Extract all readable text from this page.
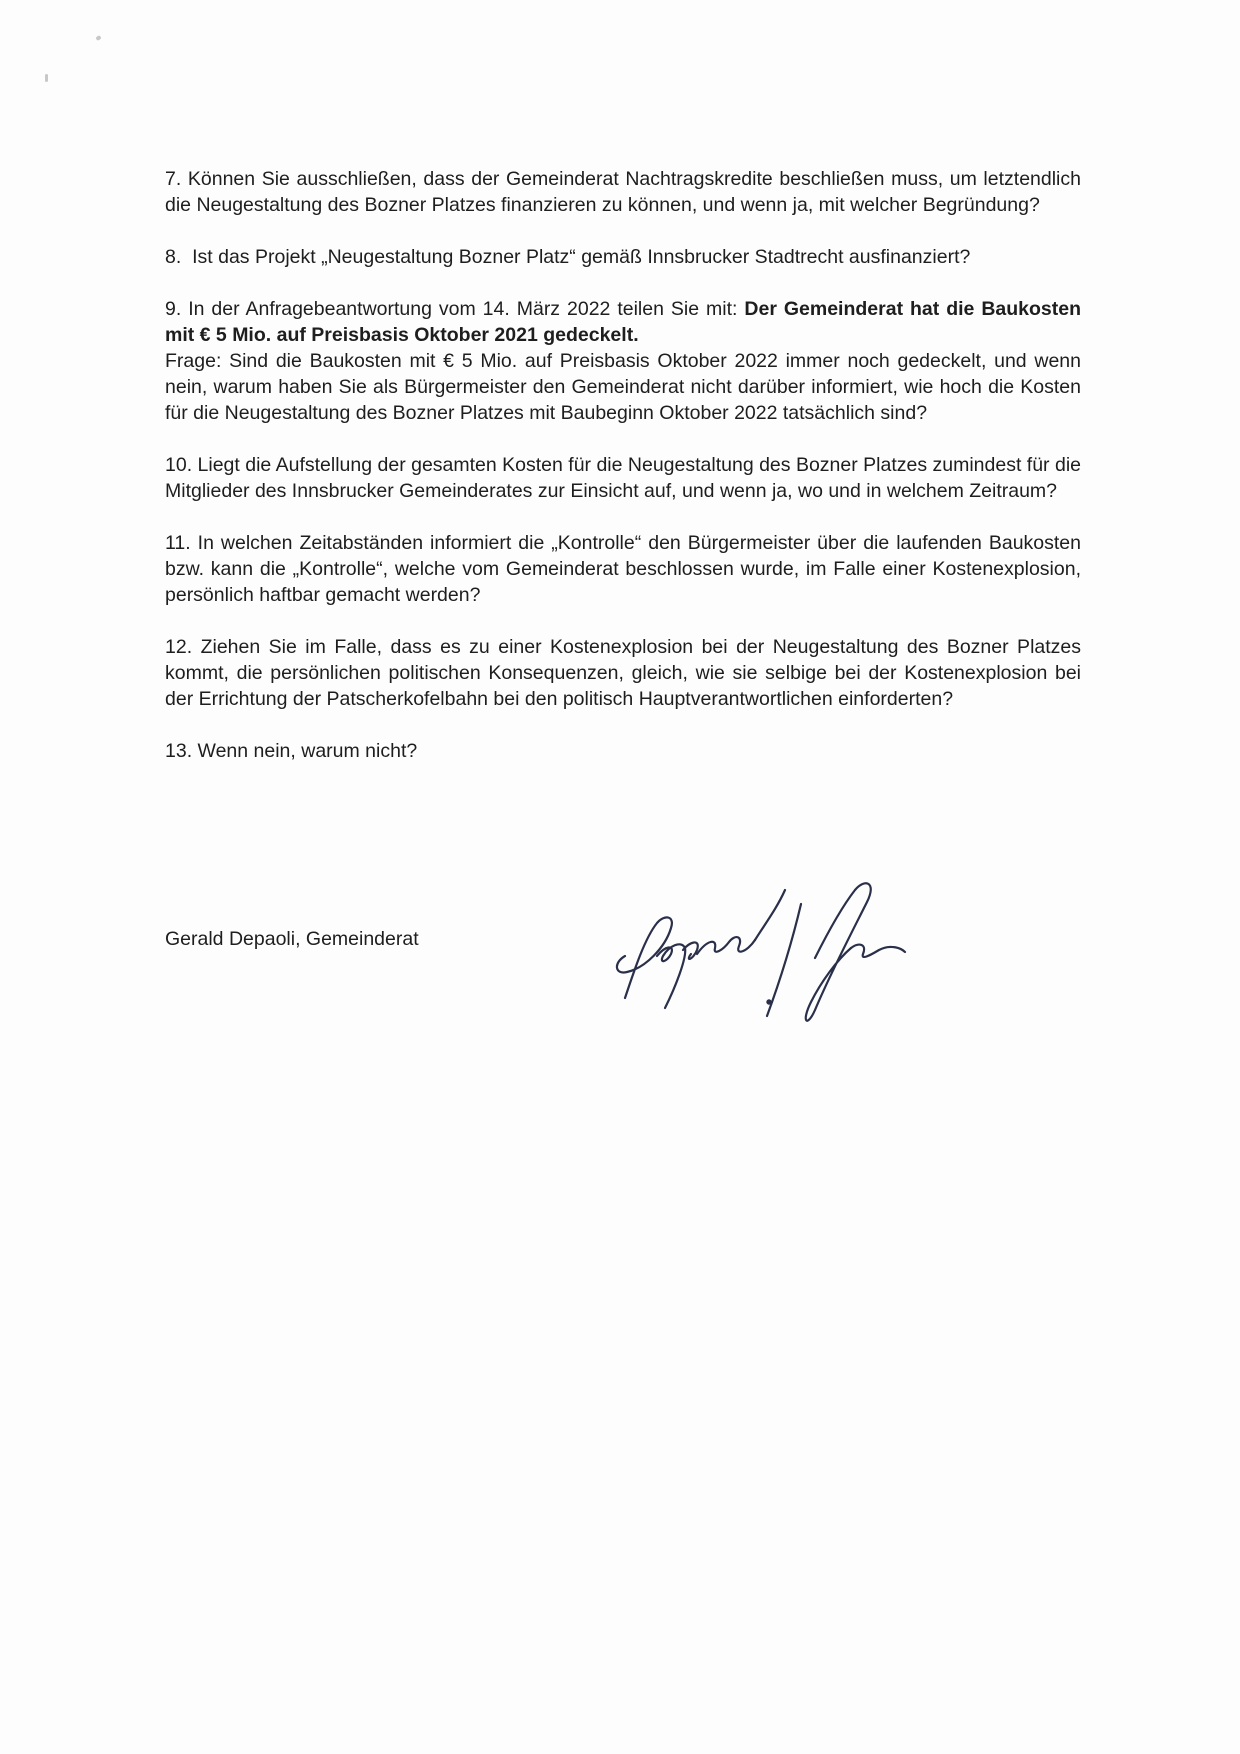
7. Können Sie ausschließen, dass der Gemeinderat Nachtragskredite beschließen muss, um letztendlich die Neugestaltung des Bozner Platzes finanzieren zu können, und wenn ja, mit welcher Begründung?

8. Ist das Projekt „Neugestaltung Bozner Platz“ gemäß Innsbrucker Stadtrecht ausfinanziert?

9. In der Anfragebeantwortung vom 14. März 2022 teilen Sie mit: Der Gemeinderat hat die Baukosten mit € 5 Mio. auf Preisbasis Oktober 2021 gedeckelt.
Frage: Sind die Baukosten mit € 5 Mio. auf Preisbasis Oktober 2022 immer noch gedeckelt, und wenn nein, warum haben Sie als Bürgermeister den Gemeinderat nicht darüber informiert, wie hoch die Kosten für die Neugestaltung des Bozner Platzes mit Baubeginn Oktober 2022 tatsächlich sind?

10. Liegt die Aufstellung der gesamten Kosten für die Neugestaltung des Bozner Platzes zumindest für die Mitglieder des Innsbrucker Gemeinderates zur Einsicht auf, und wenn ja, wo und in welchem Zeitraum?

11. In welchen Zeitabständen informiert die „Kontrolle“ den Bürgermeister über die laufenden Baukosten bzw. kann die „Kontrolle“, welche vom Gemeinderat beschlossen wurde, im Falle einer Kostenexplosion, persönlich haftbar gemacht werden?

12. Ziehen Sie im Falle, dass es zu einer Kostenexplosion bei der Neugestaltung des Bozner Platzes kommt, die persönlichen politischen Konsequenzen, gleich, wie sie selbige bei der Kostenexplosion bei der Errichtung der Patscherkofelbahn bei den politisch Hauptverantwortlichen einforderten?

13. Wenn nein, warum nicht?

Gerald Depaoli, Gemeinderat
